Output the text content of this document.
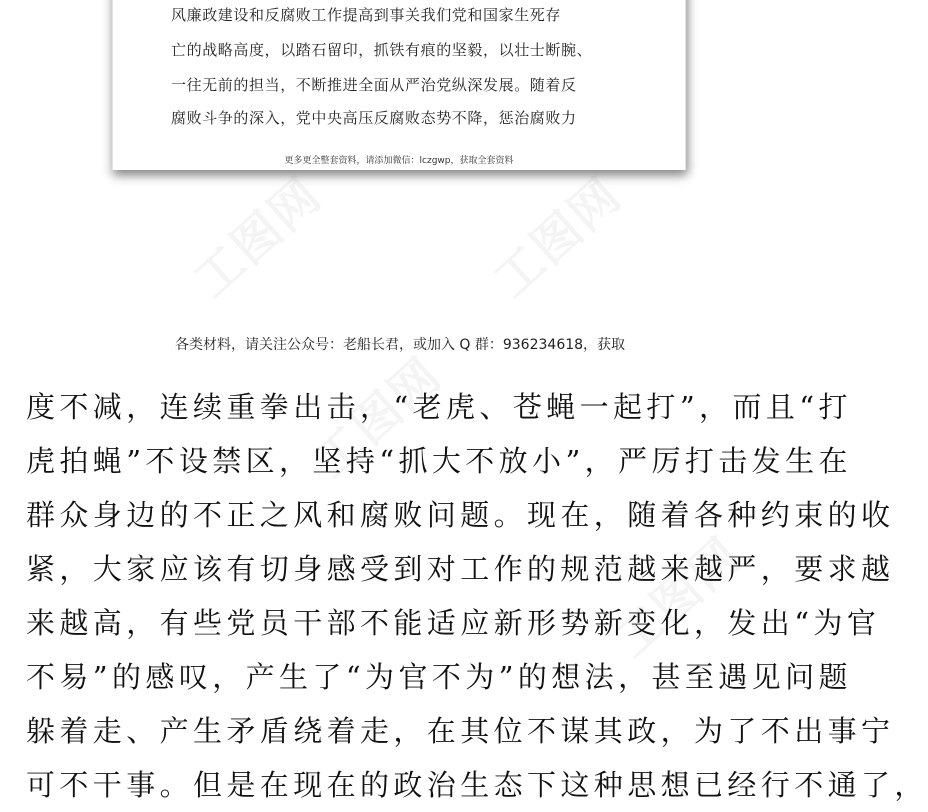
工图网	工图网
工图网
工图网
风廉政建设和反腐败工作提高到事关我们党和国家生死存
亡的战略高度，以踏石留印，抓铁有痕的坚毅，以壮士断腕、
一往无前的担当，不断推进全面从严治党纵深发展。随着反
腐败斗争的深入，党中央高压反腐败态势不降，惩治腐败力
更多更全整套资料，请添加微信：lczgwp，获取全套资料
各类材料，请关注公众号：老船长君，或加入 Q 群：936234618，获取
度不减，连续重拳出击，“老虎、苍蝇一起打”，而且“打
虎拍蝇”不设禁区，坚持“抓大不放小”，严厉打击发生在
群众身边的不正之风和腐败问题。现在，随着各种约束的收
紧，大家应该有切身感受到对工作的规范越来越严，要求越
来越高，有些党员干部不能适应新形势新变化，发出“为官
不易”的感叹，产生了“为官不为”的想法，甚至遇见问题
躲着走、产生矛盾绕着走，在其位不谋其政，为了不出事宁
可不干事。但是在现在的政治生态下这种思想已经行不通了，
